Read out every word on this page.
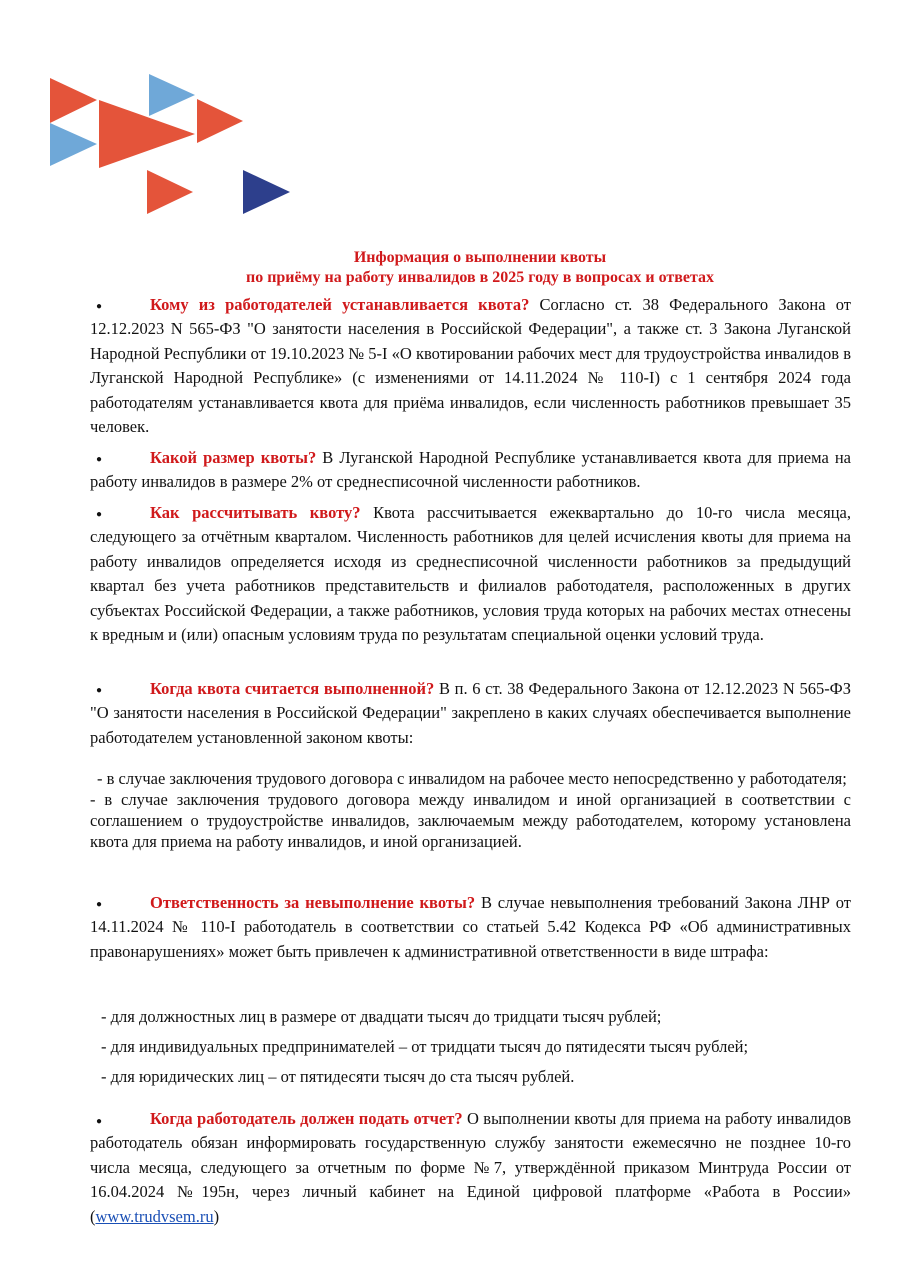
Информация о выполнении квоты
по приёму на работу инвалидов в 2025 году в вопросах и ответах
●	Кому из работодателей устанавливается квота? Согласно ст. 38 Федерального Закона от 12.12.2023 N 565-ФЗ "О занятости населения в Российской Федерации", а также ст. 3 Закона Луганской Народной Республики от 19.10.2023 № 5-I «О квотировании рабочих мест для трудоустройства инвалидов в Луганской Народной Республике» (с изменениями от 14.11.2024 № 110-I) с 1 сентября 2024 года работодателям устанавливается квота для приёма инвалидов, если численность работников превышает 35 человек.
●	Какой размер квоты? В Луганской Народной Республике устанавливается квота для приема на работу инвалидов в размере 2% от среднесписочной численности работников.
●	Как рассчитывать квоту? Квота рассчитывается ежеквартально до 10-го числа месяца, следующего за отчётным кварталом. Численность работников для целей исчисления квоты для приема на работу инвалидов определяется исходя из среднесписочной численности работников за предыдущий квартал без учета работников представительств и филиалов работодателя, расположенных в других субъектах Российской Федерации, а также работников, условия труда которых на рабочих местах отнесены к вредным и (или) опасным условиям труда по результатам специальной оценки условий труда.
●	Когда квота считается выполненной? В п. 6 ст. 38 Федерального Закона от 12.12.2023 N 565-ФЗ "О занятости населения в Российской Федерации" закреплено в каких случаях обеспечивается выполнение работодателем установленной законом квоты:
- в случае заключения трудового договора с инвалидом на рабочее место непосредственно у работодателя;
- в случае заключения трудового договора между инвалидом и иной организацией в соответствии с соглашением о трудоустройстве инвалидов, заключаемым между работодателем, которому установлена квота для приема на работу инвалидов, и иной организацией.
●	Ответственность за невыполнение квоты? В случае невыполнения требований Закона ЛНР от 14.11.2024 № 110-I работодатель в соответствии со статьей 5.42 Кодекса РФ «Об административных правонарушениях» может быть привлечен к административной ответственности в виде штрафа:
- для должностных лиц в размере от двадцати тысяч до тридцати тысяч рублей;
- для индивидуальных предпринимателей – от тридцати тысяч до пятидесяти тысяч рублей;
- для юридических лиц – от пятидесяти тысяч до ста тысяч рублей.
●	Когда работодатель должен подать отчет? О выполнении квоты для приема на работу инвалидов работодатель обязан информировать государственную службу занятости ежемесячно не позднее 10-го числа месяца, следующего за отчетным по форме №7, утверждённой приказом Минтруда России от 16.04.2024 №195н, через личный кабинет на Единой цифровой платформе «Работа в России» (www.trudvsem.ru)
